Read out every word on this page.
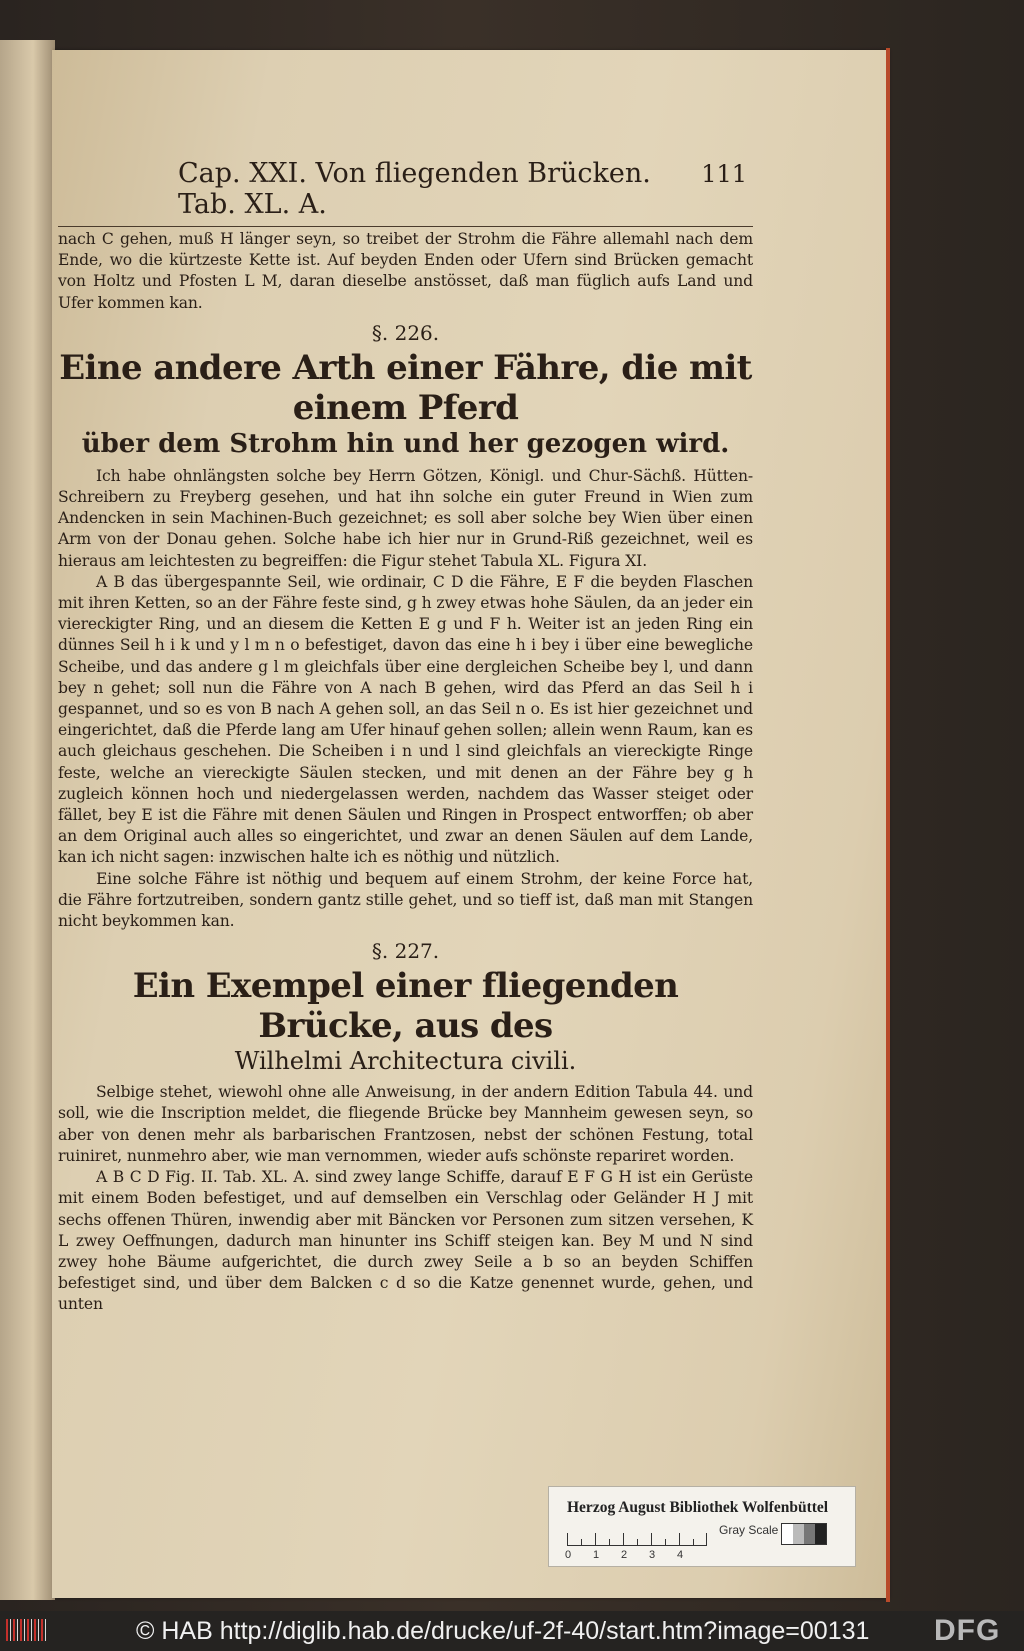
Cap. XXI. Von fliegenden Brücken. Tab. XL. A.
111

nach C gehen, muß H länger seyn, so treibet der Strohm die Fähre allemahl nach dem Ende, wo die kürtzeste Kette ist. Auf beyden Enden oder Ufern sind Brücken gemacht von Holtz und Pfosten L M, daran dieselbe anstösset, daß man füglich aufs Land und Ufer kommen kan.

§. 226.
Eine andere Arth einer Fähre, die mit einem Pferd
über dem Strohm hin und her gezogen wird.

Ich habe ohnlängsten solche bey Herrn Götzen, Königl. und Chur-Sächß. Hütten-Schreibern zu Freyberg gesehen, und hat ihn solche ein guter Freund in Wien zum Andencken in sein Machinen-Buch gezeichnet; es soll aber solche bey Wien über einen Arm von der Donau gehen. Solche habe ich hier nur in Grund-Riß gezeichnet, weil es hieraus am leichtesten zu begreiffen: die Figur stehet Tabula XL. Figura XI.

A B das übergespannte Seil, wie ordinair, C D die Fähre, E F die beyden Flaschen mit ihren Ketten, so an der Fähre feste sind, g h zwey etwas hohe Säulen, da an jeder ein viereckigter Ring, und an diesem die Ketten E g und F h. Weiter ist an jeden Ring ein dünnes Seil h i k und y l m n o befestiget, davon das eine h i bey i über eine bewegliche Scheibe, und das andere g l m gleichfals über eine dergleichen Scheibe bey l, und dann bey n gehet; soll nun die Fähre von A nach B gehen, wird das Pferd an das Seil h i gespannet, und so es von B nach A gehen soll, an das Seil n o. Es ist hier gezeichnet und eingerichtet, daß die Pferde lang am Ufer hinauf gehen sollen; allein wenn Raum, kan es auch gleichaus geschehen. Die Scheiben i n und l sind gleichfals an viereckigte Ringe feste, welche an viereckigte Säulen stecken, und mit denen an der Fähre bey g h zugleich können hoch und niedergelassen werden, nachdem das Wasser steiget oder fället, bey E ist die Fähre mit denen Säulen und Ringen in Prospect entworffen; ob aber an dem Original auch alles so eingerichtet, und zwar an denen Säulen auf dem Lande, kan ich nicht sagen: inzwischen halte ich es nöthig und nützlich.

Eine solche Fähre ist nöthig und bequem auf einem Strohm, der keine Force hat, die Fähre fortzutreiben, sondern gantz stille gehet, und so tieff ist, daß man mit Stangen nicht beykommen kan.

§. 227.
Ein Exempel einer fliegenden Brücke, aus des
Wilhelmi Architectura civili.

Selbige stehet, wiewohl ohne alle Anweisung, in der andern Edition Tabula 44. und soll, wie die Inscription meldet, die fliegende Brücke bey Mannheim gewesen seyn, so aber von denen mehr als barbarischen Frantzosen, nebst der schönen Festung, total ruiniret, nunmehro aber, wie man vernommen, wieder aufs schönste repariret worden.

A B C D Fig. II. Tab. XL. A. sind zwey lange Schiffe, darauf E F G H ist ein Gerüste mit einem Boden befestiget, und auf demselben ein Verschlag oder Geländer H J mit sechs offenen Thüren, inwendig aber mit Bäncken vor Personen zum sitzen versehen, K L zwey Oeffnungen, dadurch man hinunter ins Schiff steigen kan. Bey M und N sind zwey hohe Bäume aufgerichtet, die durch zwey Seile a b so an beyden Schiffen befestiget sind, und über dem Balcken c d so die Katze genennet wurde, gehen, und unten

Herzog August Bibliothek Wolfenbüttel
0 1 2 3 4
Gray Scale
© HAB http://diglib.hab.de/drucke/uf-2f-40/start.htm?image=00131 DFG
